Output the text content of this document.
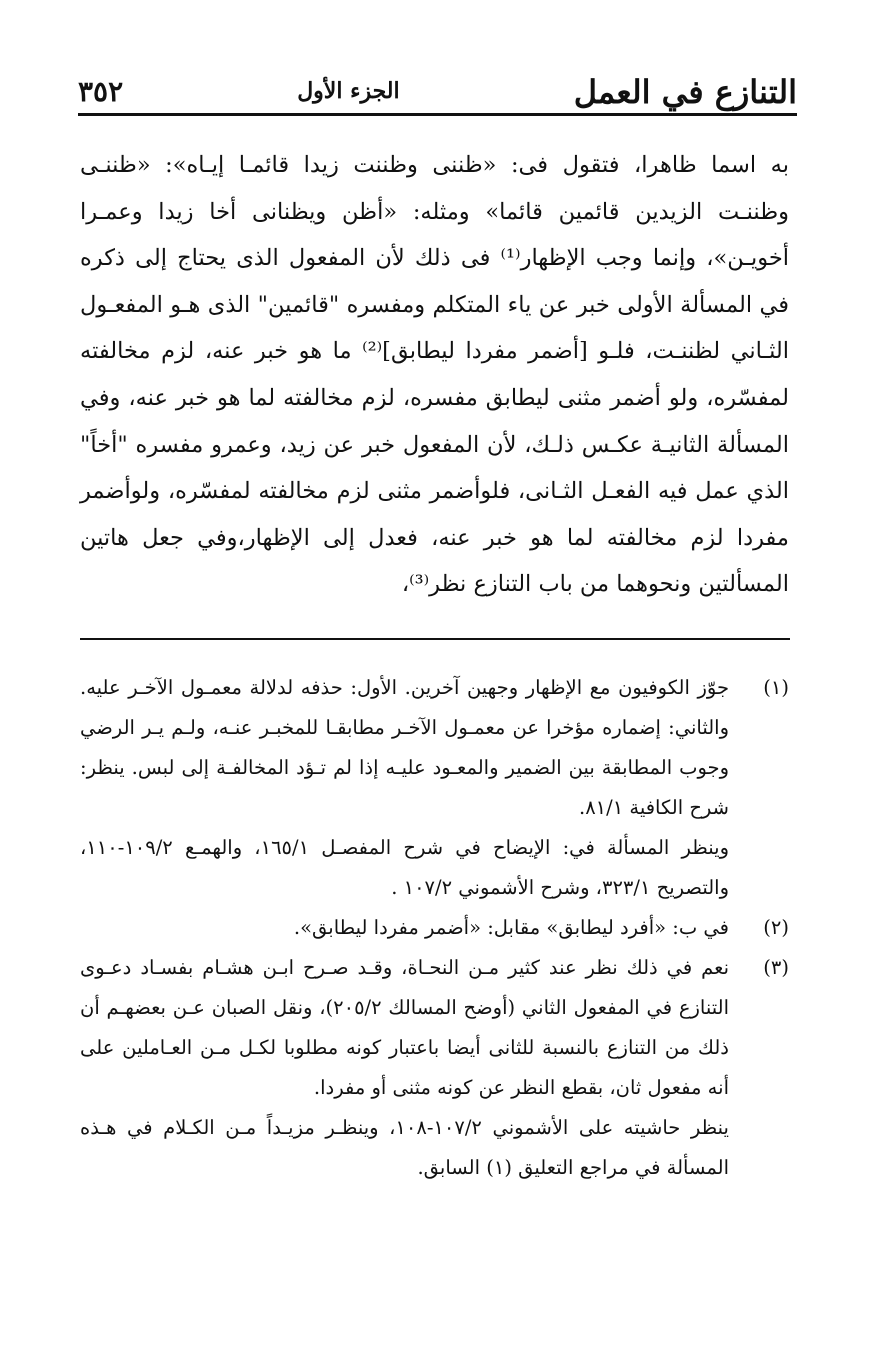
التنازع في العمل
الجزء الأول
٣٥٢

به اسما ظاهرا، فتقول فى: «ظننى وظننت زيدا قائمـا إيـاه»: «ظننـى وظننـت الزيدين قائمين قائما» ومثله: «أظن ويظنانى أخا زيدا وعمـرا أخويـن»، وإنما وجب الإظهار⁽¹⁾ فى ذلك لأن المفعول الذى يحتاج إلى ذكره في المسألة الأولى خبر عن ياء المتكلم ومفسره "قائمين" الذى هـو المفعـول الثـاني لظننـت، فلـو [أضمر مفردا ليطابق]⁽²⁾ ما هو خبر عنه، لزم مخالفته لمفسّره، ولو أضمر مثنى ليطابق مفسره، لزم مخالفته لما هو خبر عنه، وفي المسألة الثانيـة عكـس ذلـك، لأن المفعول خبر عن زيد، وعمرو مفسره "أخاً" الذي عمل فيه الفعـل الثـانى، فلوأضمر مثنى لزم مخالفته لمفسّره، ولوأضمر مفردا لزم مخالفته لما هو خبر عنه، فعدل إلى الإظهار،وفي جعل هاتين المسألتين ونحوهما من باب التنازع نظر⁽³⁾،

(١)

جوّز الكوفيون مع الإظهار وجهين آخرين. الأول: حذفه لدلالة معمـول الآخـر عليه. والثاني: إضماره مؤخرا عن معمـول الآخـر مطابقـا للمخبـر عنـه، ولـم يـر الرضي وجوب المطابقة بين الضمير والمعـود عليـه إذا لم تـؤد المخالفـة إلى لبس. ينظر: شرح الكافية ٨١/١.

وينظر المسألة في: الإيضاح في شرح المفصـل ١٦٥/١، والهمـع ١٠٩/٢-١١٠، والتصريح ٣٢٣/١، وشرح الأشموني ١٠٧/٢ .

(٢)

في ب: «أفرد ليطابق» مقابل: «أضمر مفردا ليطابق».

(٣)

نعم في ذلك نظر عند كثير مـن النحـاة، وقـد صـرح ابـن هشـام بفسـاد دعـوى التنازع في المفعول الثاني (أوضح المسالك ٢٠٥/٢)، ونقل الصبان عـن بعضهـم أن ذلك من التنازع بالنسبة للثانى أيضا باعتبار كونه مطلوبا لكـل مـن العـاملين على أنه مفعول ثان، بقطع النظر عن كونه مثنى أو مفردا.

ينظر حاشيته على الأشموني ١٠٧/٢-١٠٨، وينظـر مزيـداً مـن الكـلام في هـذه المسألة في مراجع التعليق (١) السابق.
